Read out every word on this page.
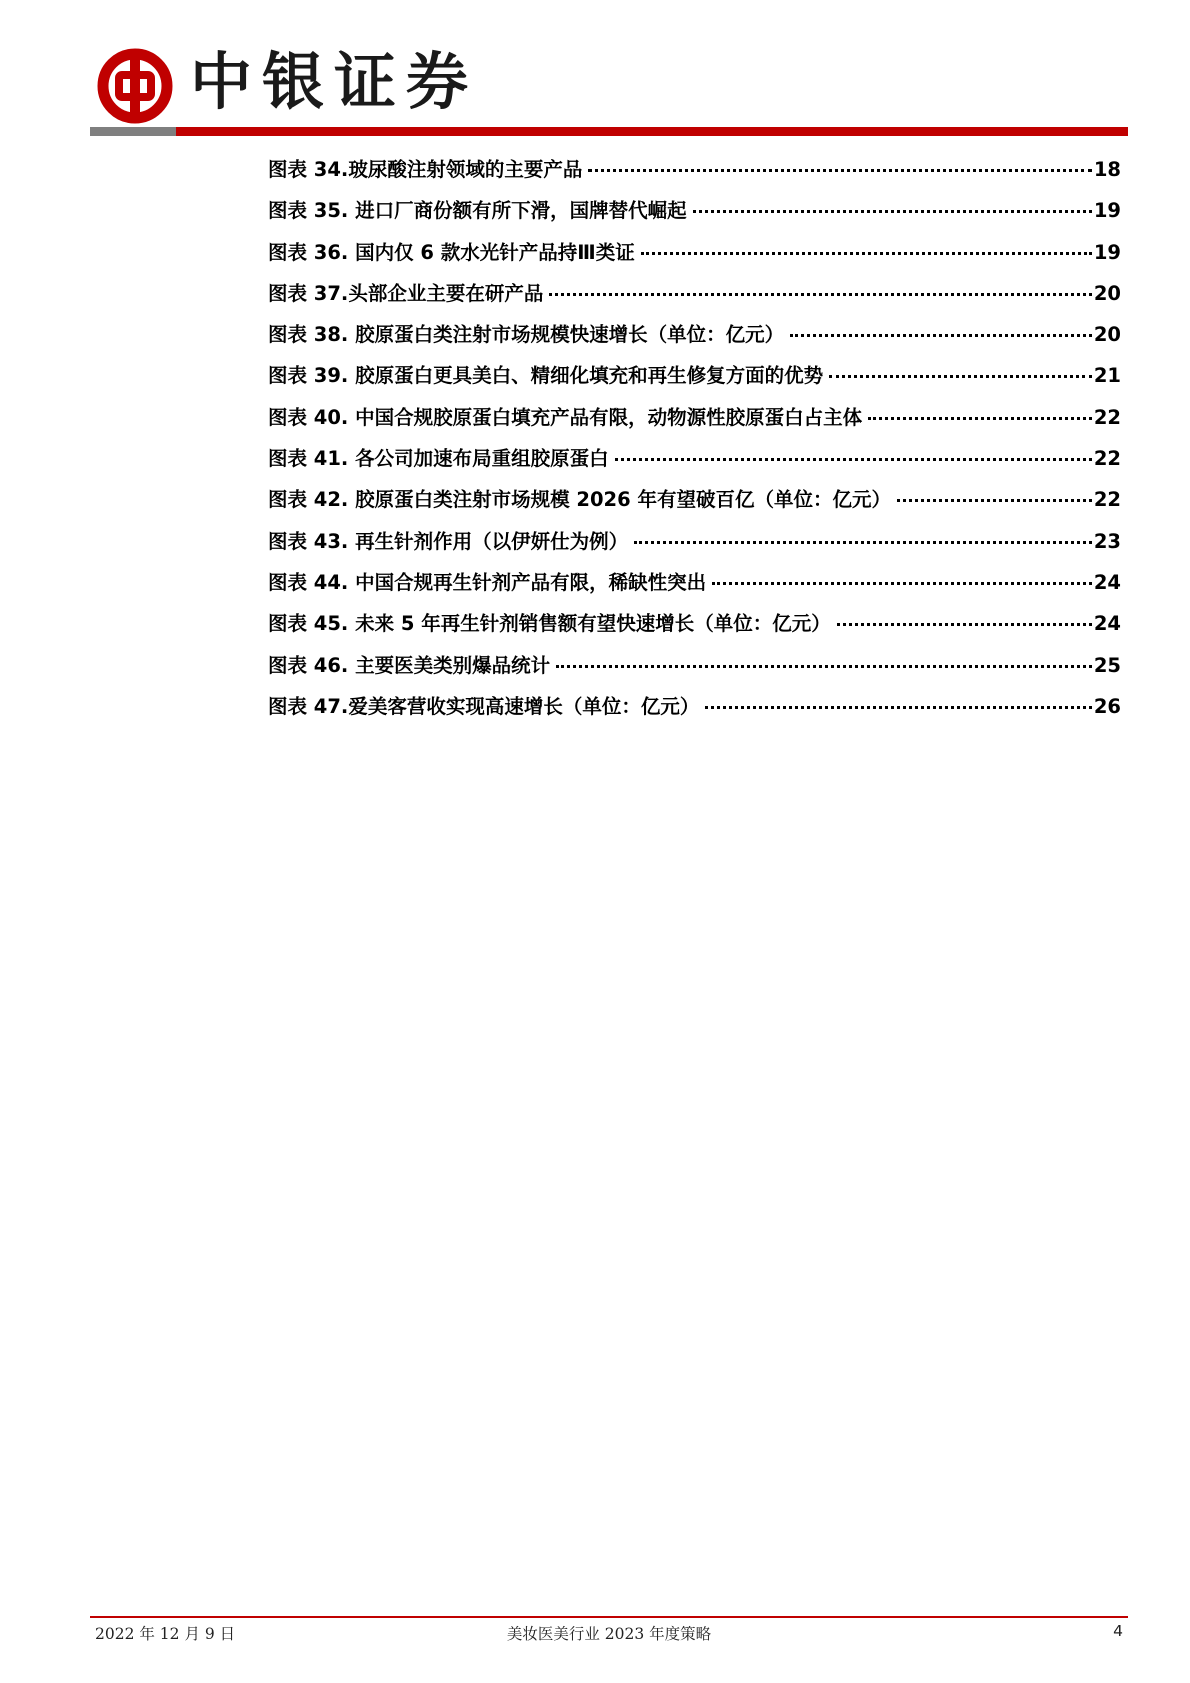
中银证券
图表 34.玻尿酸注射领域的主要产品	18
图表 35. 进口厂商份额有所下滑，国牌替代崛起	19
图表 36. 国内仅 6 款水光针产品持Ⅲ类证	19
图表 37.头部企业主要在研产品	20
图表 38. 胶原蛋白类注射市场规模快速增长（单位：亿元）	20
图表 39. 胶原蛋白更具美白、精细化填充和再生修复方面的优势	21
图表 40. 中国合规胶原蛋白填充产品有限，动物源性胶原蛋白占主体	22
图表 41. 各公司加速布局重组胶原蛋白	22
图表 42. 胶原蛋白类注射市场规模 2026 年有望破百亿（单位：亿元）	22
图表 43. 再生针剂作用（以伊妍仕为例）	23
图表 44. 中国合规再生针剂产品有限，稀缺性突出	24
图表 45. 未来 5 年再生针剂销售额有望快速增长（单位：亿元）	24
图表 46. 主要医美类别爆品统计	25
图表 47.爱美客营收实现高速增长（单位：亿元）	26
2022 年 12 月 9 日	美妆医美行业 2023 年度策略	4
